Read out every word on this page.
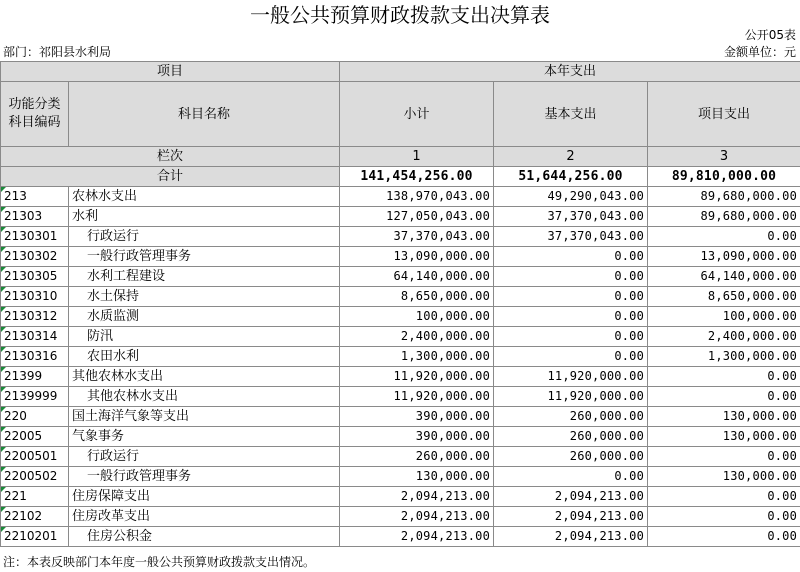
一般公共预算财政拨款支出决算表
公开05表
部门：祁阳县水利局	金额单位：元
项目		本年支出		
功能分类科目编码	科目名称	小计	基本支出	项目支出
栏次		1	2	3
合计		141,454,256.00	51,644,256.00	89,810,000.00
213	农林水支出	138,970,043.00	49,290,043.00	89,680,000.00
21303	水利	127,050,043.00	37,370,043.00	89,680,000.00
2130301	行政运行	37,370,043.00	37,370,043.00	0.00
2130302	一般行政管理事务	13,090,000.00	0.00	13,090,000.00
2130305	水利工程建设	64,140,000.00	0.00	64,140,000.00
2130310	水土保持	8,650,000.00	0.00	8,650,000.00
2130312	水质监测	100,000.00	0.00	100,000.00
2130314	防汛	2,400,000.00	0.00	2,400,000.00
2130316	农田水利	1,300,000.00	0.00	1,300,000.00
21399	其他农林水支出	11,920,000.00	11,920,000.00	0.00
2139999	其他农林水支出	11,920,000.00	11,920,000.00	0.00
220	国土海洋气象等支出	390,000.00	260,000.00	130,000.00
22005	气象事务	390,000.00	260,000.00	130,000.00
2200501	行政运行	260,000.00	260,000.00	0.00
2200502	一般行政管理事务	130,000.00	0.00	130,000.00
221	住房保障支出	2,094,213.00	2,094,213.00	0.00
22102	住房改革支出	2,094,213.00	2,094,213.00	0.00
2210201	住房公积金	2,094,213.00	2,094,213.00	0.00
注：本表反映部门本年度一般公共预算财政拨款支出情况。
